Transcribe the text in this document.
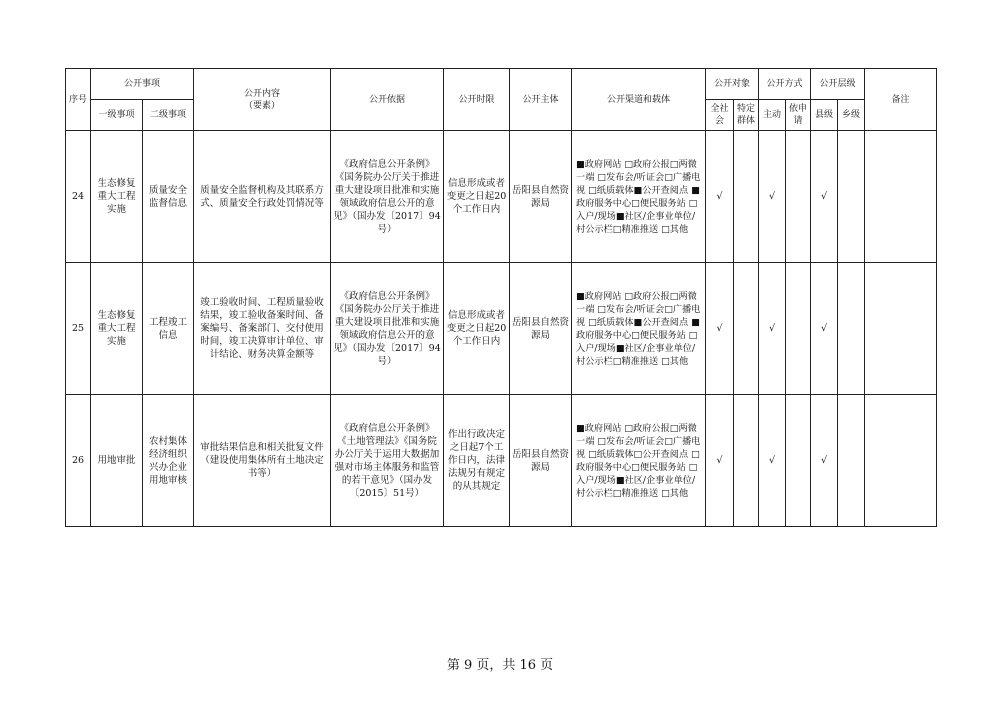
序号	公开事项		公开内容
（要素）	公开依据	公开时限	公开主体	公开渠道和载体	公开对象		公开方式		公开层级		备注
	一级事项	二级事项						全社会	特定群体	主动	依申请	县级	乡级	
24	生态修复重大工程实施	质量安全监督信息	质量安全监督机构及其联系方式、质量安全行政处罚情况等	《政府信息公开条例》《国务院办公厅关于推进重大建设项目批准和实施领域政府信息公开的意见》（国办发〔2017〕94号）	信息形成或者变更之日起20个工作日内	岳阳县自然资源局	■政府网站 □政府公报□两微一端 □发布会/听证会□广播电视 □纸质载体■公开查阅点 ■政府服务中心□便民服务站 □入户/现场■社区/企事业单位/村公示栏□精准推送 □其他	√		√		√		
25	生态修复重大工程实施	工程竣工信息	竣工验收时间、工程质量验收结果，竣工验收备案时间、备案编号、备案部门、交付使用时间，竣工决算审计单位、审计结论、财务决算金额等	《政府信息公开条例》《国务院办公厅关于推进重大建设项目批准和实施领域政府信息公开的意见》（国办发〔2017〕94号）	信息形成或者变更之日起20个工作日内	岳阳县自然资源局	■政府网站 □政府公报□两微一端 □发布会/听证会□广播电视 □纸质载体■公开查阅点 ■政府服务中心□便民服务站 □入户/现场■社区/企事业单位/村公示栏□精准推送 □其他	√		√		√		
26	用地审批	农村集体经济组织兴办企业用地审核	审批结果信息和相关批复文件（建设使用集体所有土地决定书等）	《政府信息公开条例》《土地管理法》《国务院办公厅关于运用大数据加强对市场主体服务和监管的若干意见》（国办发〔2015〕51号）	作出行政决定之日起7个工作日内，法律法规另有规定的从其规定	岳阳县自然资源局	■政府网站 □政府公报□两微一端 □发布会/听证会□广播电视 □纸质载体□公开查阅点 □政府服务中心□便民服务站 □入户/现场■社区/企事业单位/村公示栏□精准推送 □其他	√		√		√		
第 9 页，共 16 页
